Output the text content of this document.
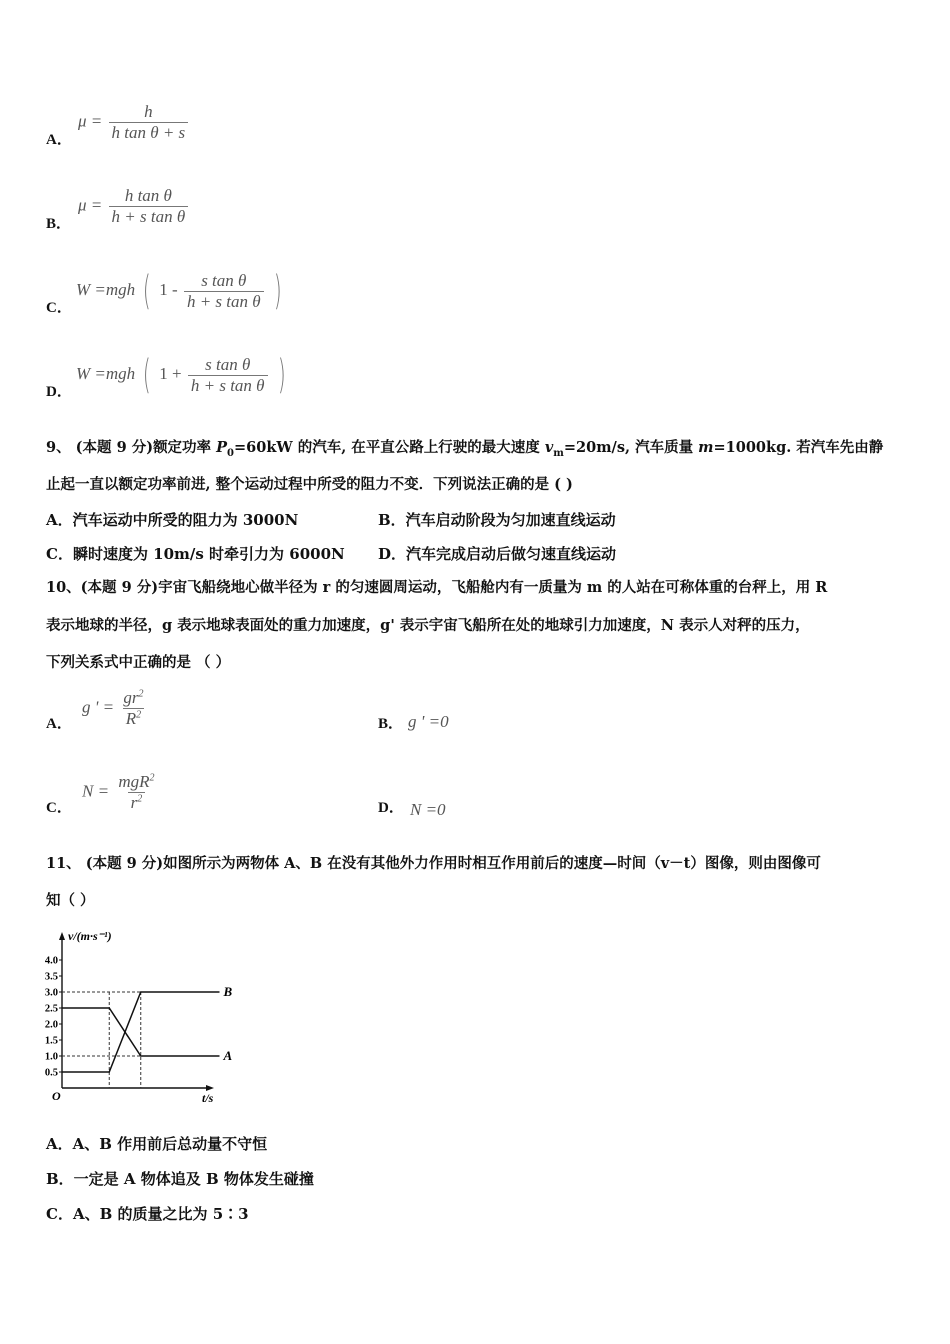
A．
$\mu = \frac{h}{\text{h tan θ + s}}$
B．
$\mu = \frac{\text{h tan θ}}{\text{h + s tan θ}}$
C．
W =mgh ( $1 - \frac{\text{s tan θ}}{\text{h + s tan θ}}$ )
D．
W =mgh ( $1 + \frac{\text{s tan θ}}{\text{h + s tan θ}}$ )
9、 (本题 9 分)额定功率 $P_0=60kW$ 的汽车, 在平直公路上行驶的最大速度 $v_m=20m/s$, 汽车质量 m=1000kg. 若汽车先由静
止起一直以额定功率前进, 整个运动过程中所受的阻力不变．下列说法正确的是 ( )
A．汽车运动中所受的阻力为 3000N	B．汽车启动阶段为匀加速直线运动
C．瞬时速度为 10m/s 时牵引力为 6000N D．汽车完成启动后做匀速直线运动
10、(本题 9 分)宇宙飞船绕地心做半径为 r 的匀速圆周运动，飞船舱内有一质量为 m 的人站在可称体重的台秤上，用 R
表示地球的半径，g 表示地球表面处的重力加速度，g' 表示宇宙飞船所在处的地球引力加速度，N 表示人对秤的压力，
下列关系式中正确的是 （ ）
A．
g ' = $\frac{gr^2}{R^2}$	B． g ' =0
C．
$N = \frac{mgR^2}{r^2}$	D． N =0
11、 (本题 9 分)如图所示为两物体 A、B 在没有其他外力作用时相互作用前后的速度—时间（v－t）图像，则由图像可
知（ ）
v/(m·s⁻¹)
t/s
O
0.5
1.0
1.5
2.0
2.5
3.0
3.5
4.0
A
B
A．A、B 作用前后总动量不守恒
B．一定是 A 物体追及 B 物体发生碰撞
C．A、B 的质量之比为 5∶3
